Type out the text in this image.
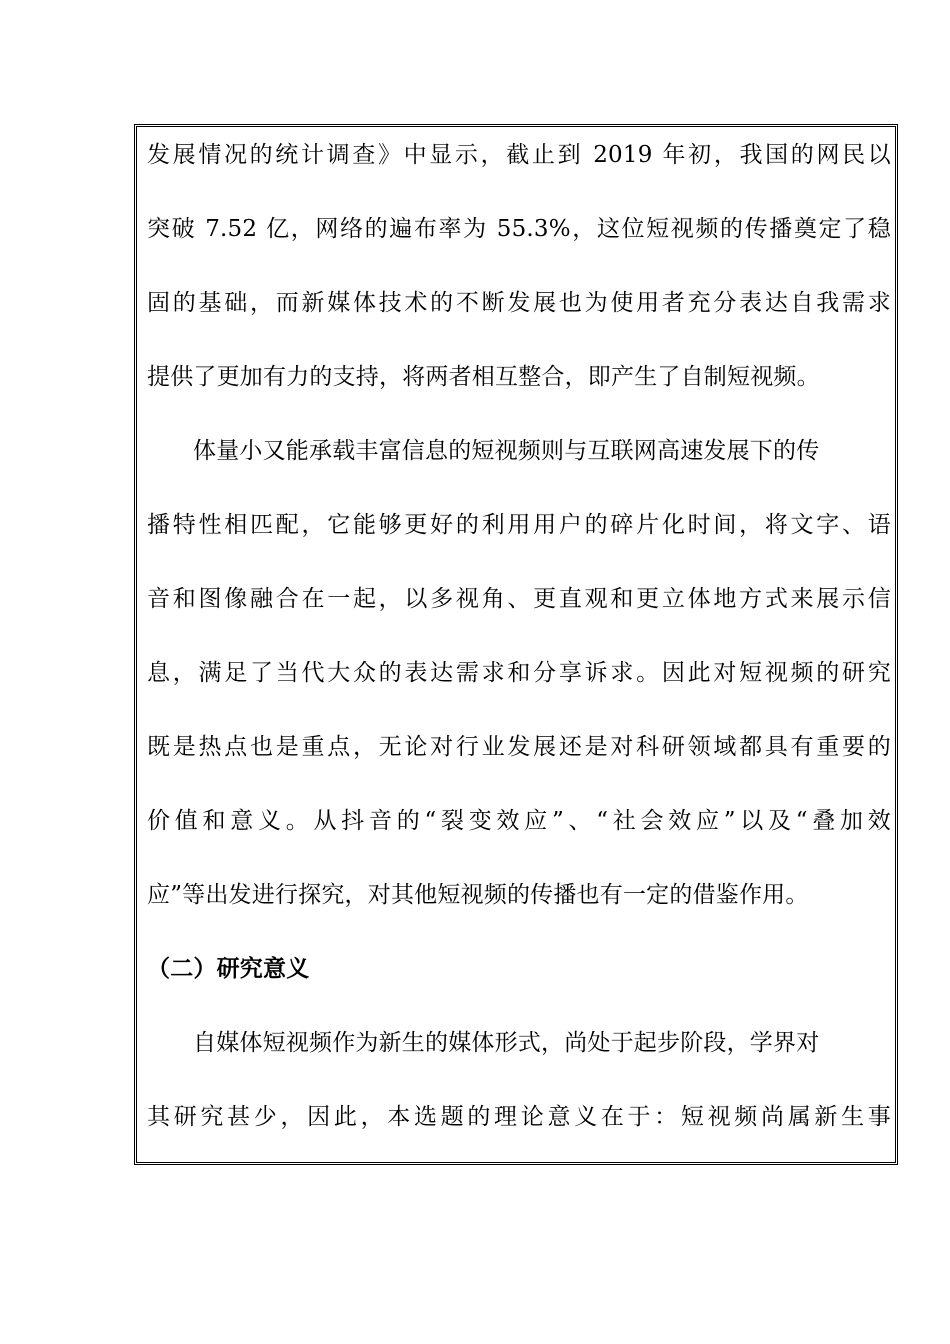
发展情况的统计调查》中显示，截止到 2019 年初，我国的网民以
突破 7.52 亿，网络的遍布率为 55.3%，这位短视频的传播奠定了稳
固的基础，而新媒体技术的不断发展也为使用者充分表达自我需求
提供了更加有力的支持，将两者相互整合，即产生了自制短视频。
体量小又能承载丰富信息的短视频则与互联网高速发展下的传
播特性相匹配，它能够更好的利用用户的碎片化时间，将文字、语
音和图像融合在一起，以多视角、更直观和更立体地方式来展示信
息，满足了当代大众的表达需求和分享诉求。因此对短视频的研究
既是热点也是重点，无论对行业发展还是对科研领域都具有重要的
价值和意义。从抖音的“裂变效应”、“社会效应”以及“叠加效
应”等出发进行探究，对其他短视频的传播也有一定的借鉴作用。
（二）研究意义
自媒体短视频作为新生的媒体形式，尚处于起步阶段，学界对
其研究甚少，因此，本选题的理论意义在于：短视频尚属新生事
